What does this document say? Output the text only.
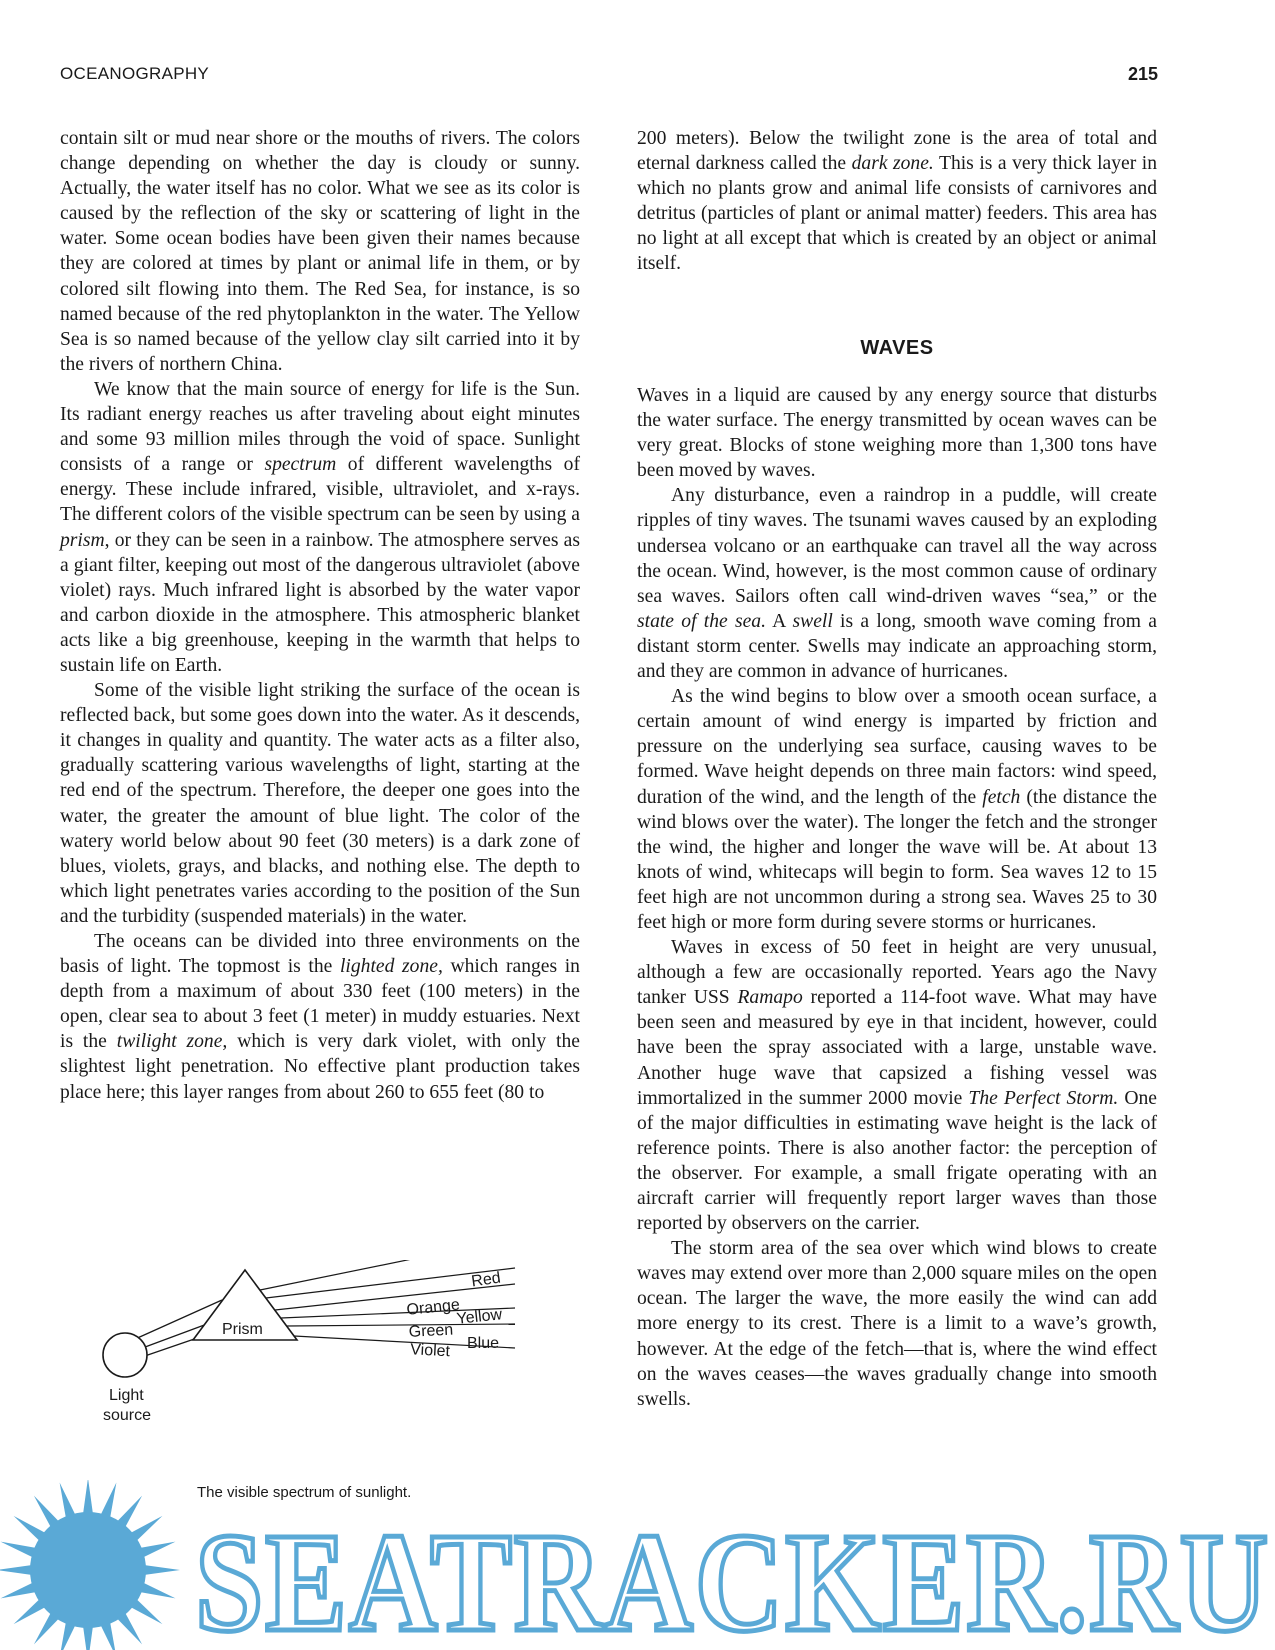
OCEANOGRAPHY	215

contain silt or mud near shore or the mouths of rivers. The colors change depending on whether the day is cloudy or sunny. Actually, the water itself has no color. What we see as its color is caused by the reflection of the sky or scattering of light in the water. Some ocean bodies have been given their names because they are colored at times by plant or animal life in them, or by colored silt flowing into them. The Red Sea, for instance, is so named because of the red phytoplankton in the water. The Yellow Sea is so named because of the yellow clay silt carried into it by the rivers of northern China.

We know that the main source of energy for life is the Sun. Its radiant energy reaches us after traveling about eight minutes and some 93 million miles through the void of space. Sunlight consists of a range or spectrum of different wavelengths of energy. These include infrared, visible, ultraviolet, and x-rays. The different colors of the visible spectrum can be seen by using a prism, or they can be seen in a rainbow. The atmosphere serves as a giant filter, keeping out most of the dangerous ultraviolet (above violet) rays. Much infrared light is absorbed by the water vapor and carbon dioxide in the atmosphere. This atmospheric blanket acts like a big greenhouse, keeping in the warmth that helps to sustain life on Earth.

Some of the visible light striking the surface of the ocean is reflected back, but some goes down into the water. As it descends, it changes in quality and quantity. The water acts as a filter also, gradually scattering various wavelengths of light, starting at the red end of the spectrum. Therefore, the deeper one goes into the water, the greater the amount of blue light. The color of the watery world below about 90 feet (30 meters) is a dark zone of blues, violets, grays, and blacks, and nothing else. The depth to which light penetrates varies according to the position of the Sun and the turbidity (suspended materials) in the water.

The oceans can be divided into three environments on the basis of light. The topmost is the lighted zone, which ranges in depth from a maximum of about 330 feet (100 meters) in the open, clear sea to about 3 feet (1 meter) in muddy estuaries. Next is the twilight zone, which is very dark violet, with only the slightest light penetration. No effective plant production takes place here; this layer ranges from about 260 to 655 feet (80 to

200 meters). Below the twilight zone is the area of total and eternal darkness called the dark zone. This is a very thick layer in which no plants grow and animal life consists of carnivores and detritus (particles of plant or animal matter) feeders. This area has no light at all except that which is created by an object or animal itself.

WAVES

Waves in a liquid are caused by any energy source that disturbs the water surface. The energy transmitted by ocean waves can be very great. Blocks of stone weighing more than 1,300 tons have been moved by waves.

Any disturbance, even a raindrop in a puddle, will create ripples of tiny waves. The tsunami waves caused by an exploding undersea volcano or an earthquake can travel all the way across the ocean. Wind, however, is the most common cause of ordinary sea waves. Sailors often call wind-driven waves “sea,” or the state of the sea. A swell is a long, smooth wave coming from a distant storm center. Swells may indicate an approaching storm, and they are common in advance of hurricanes.

As the wind begins to blow over a smooth ocean surface, a certain amount of wind energy is imparted by friction and pressure on the underlying sea surface, causing waves to be formed. Wave height depends on three main factors: wind speed, duration of the wind, and the length of the fetch (the distance the wind blows over the water). The longer the fetch and the stronger the wind, the higher and longer the wave will be. At about 13 knots of wind, whitecaps will begin to form. Sea waves 12 to 15 feet high are not uncommon during a strong sea. Waves 25 to 30 feet high or more form during severe storms or hurricanes.

Waves in excess of 50 feet in height are very unusual, although a few are occasionally reported. Years ago the Navy tanker USS Ramapo reported a 114-foot wave. What may have been seen and measured by eye in that incident, however, could have been the spray associated with a large, unstable wave. Another huge wave that capsized a fishing vessel was immortalized in the summer 2000 movie The Perfect Storm. One of the major difficulties in estimating wave height is the lack of reference points. There is also another factor: the perception of the observer. For example, a small frigate operating with an aircraft carrier will frequently report larger waves than those reported by observers on the carrier.

The storm area of the sea over which wind blows to create waves may extend over more than 2,000 square miles on the open ocean. The larger the wave, the more easily the wind can add more energy to its crest. There is a limit to a wave’s growth, however. At the edge of the fetch—that is, where the wind effect on the waves ceases—the waves gradually change into smooth swells.

Red
Orange
Yellow
Green
Blue
Violet
Prism
Light
source
The visible spectrum of sunlight.
SEATRACKER.RU
